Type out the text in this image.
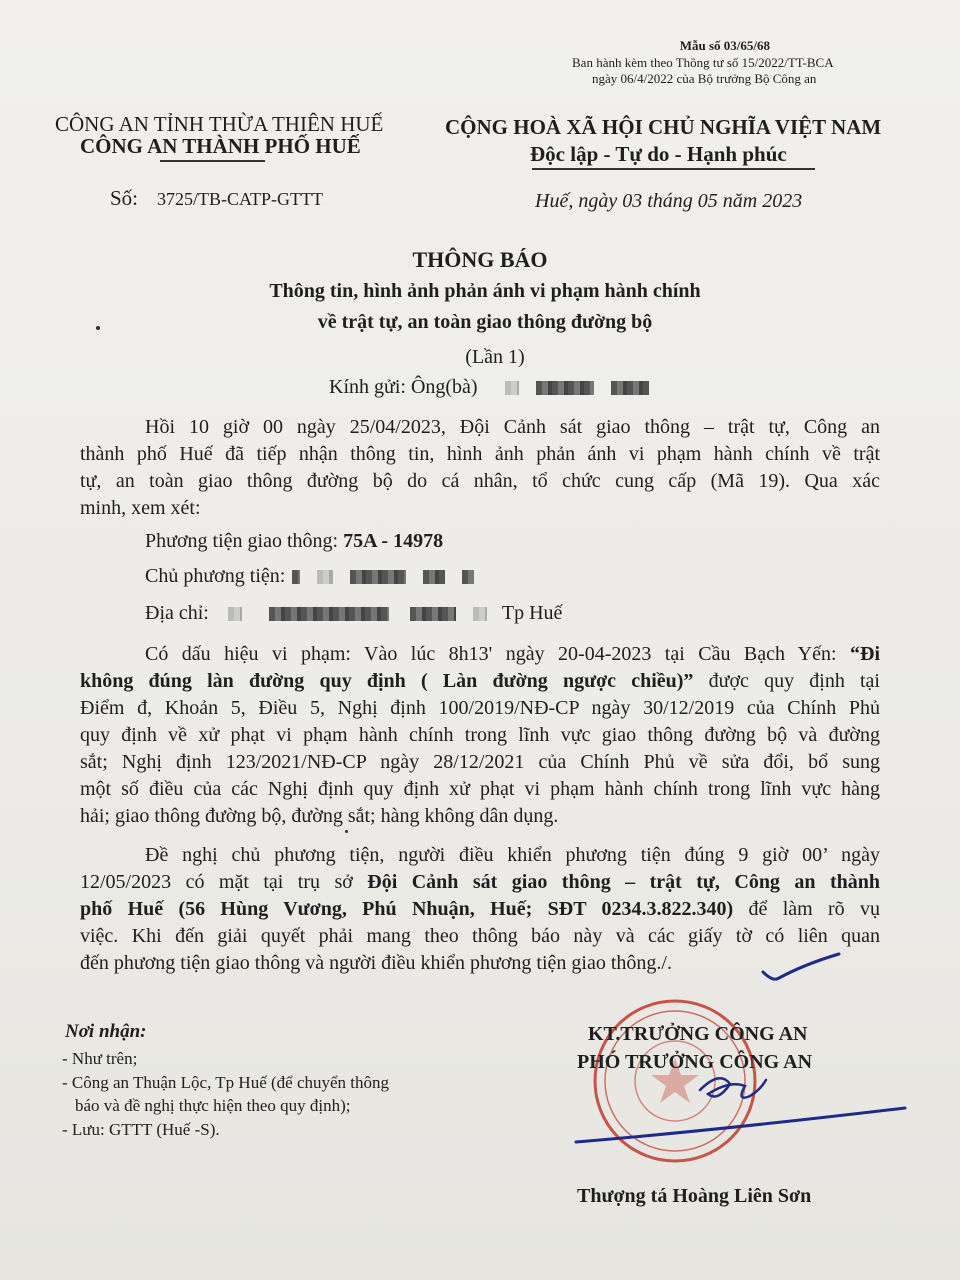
Mẫu số 03/65/68
Ban hành kèm theo Thông tư số 15/2022/TT-BCA
ngày 06/4/2022 của Bộ trưởng Bộ Công an
CÔNG AN TỈNH THỪA THIÊN HUẾ
CÔNG AN THÀNH PHỐ HUẾ
CỘNG HOÀ XÃ HỘI CHỦ NGHĨA VIỆT NAM
Độc lập - Tự do - Hạnh phúc
Số: 3725/TB-CATP-GTTT	Huế, ngày 03 tháng 05 năm 2023
THÔNG BÁO
Thông tin, hình ảnh phản ánh vi phạm hành chính
về trật tự, an toàn giao thông đường bộ
(Lần 1)
Kính gửi: Ông(bà)
Hồi 10 giờ 00 ngày 25/04/2023, Đội Cảnh sát giao thông – trật tự, Công an
thành phố Huế đã tiếp nhận thông tin, hình ảnh phản ánh vi phạm hành chính về trật
tự, an toàn giao thông đường bộ do cá nhân, tổ chức cung cấp (Mã 19). Qua xác
minh, xem xét:
Phương tiện giao thông: 75A - 14978
Chủ phương tiện:
Địa chỉ:	Tp Huế
Có dấu hiệu vi phạm: Vào lúc 8h13' ngày 20-04-2023 tại Cầu Bạch Yến: “Đi
không đúng làn đường quy định ( Làn đường ngược chiều)” được quy định tại
Điểm đ, Khoản 5, Điều 5, Nghị định 100/2019/NĐ-CP ngày 30/12/2019 của Chính Phủ
quy định về xử phạt vi phạm hành chính trong lĩnh vực giao thông đường bộ và đường
sắt; Nghị định 123/2021/NĐ-CP ngày 28/12/2021 của Chính Phủ về sửa đổi, bổ sung
một số điều của các Nghị định quy định xử phạt vi phạm hành chính trong lĩnh vực hàng
hải; giao thông đường bộ, đường sắt; hàng không dân dụng.
Đề nghị chủ phương tiện, người điều khiển phương tiện đúng 9 giờ 00’ ngày
12/05/2023 có mặt tại trụ sở Đội Cảnh sát giao thông – trật tự, Công an thành
phố Huế (56 Hùng Vương, Phú Nhuận, Huế; SĐT 0234.3.822.340) để làm rõ vụ
việc. Khi đến giải quyết phải mang theo thông báo này và các giấy tờ có liên quan
đến phương tiện giao thông và người điều khiển phương tiện giao thông./.
Nơi nhận:
- Như trên;
- Công an Thuận Lộc, Tp Huế (để chuyển thông
báo và đề nghị thực hiện theo quy định);
- Lưu: GTTT (Huế -S).
KT.TRƯỞNG CÔNG AN
PHÓ TRƯỞNG CÔNG AN
Thượng tá Hoàng Liên Sơn
